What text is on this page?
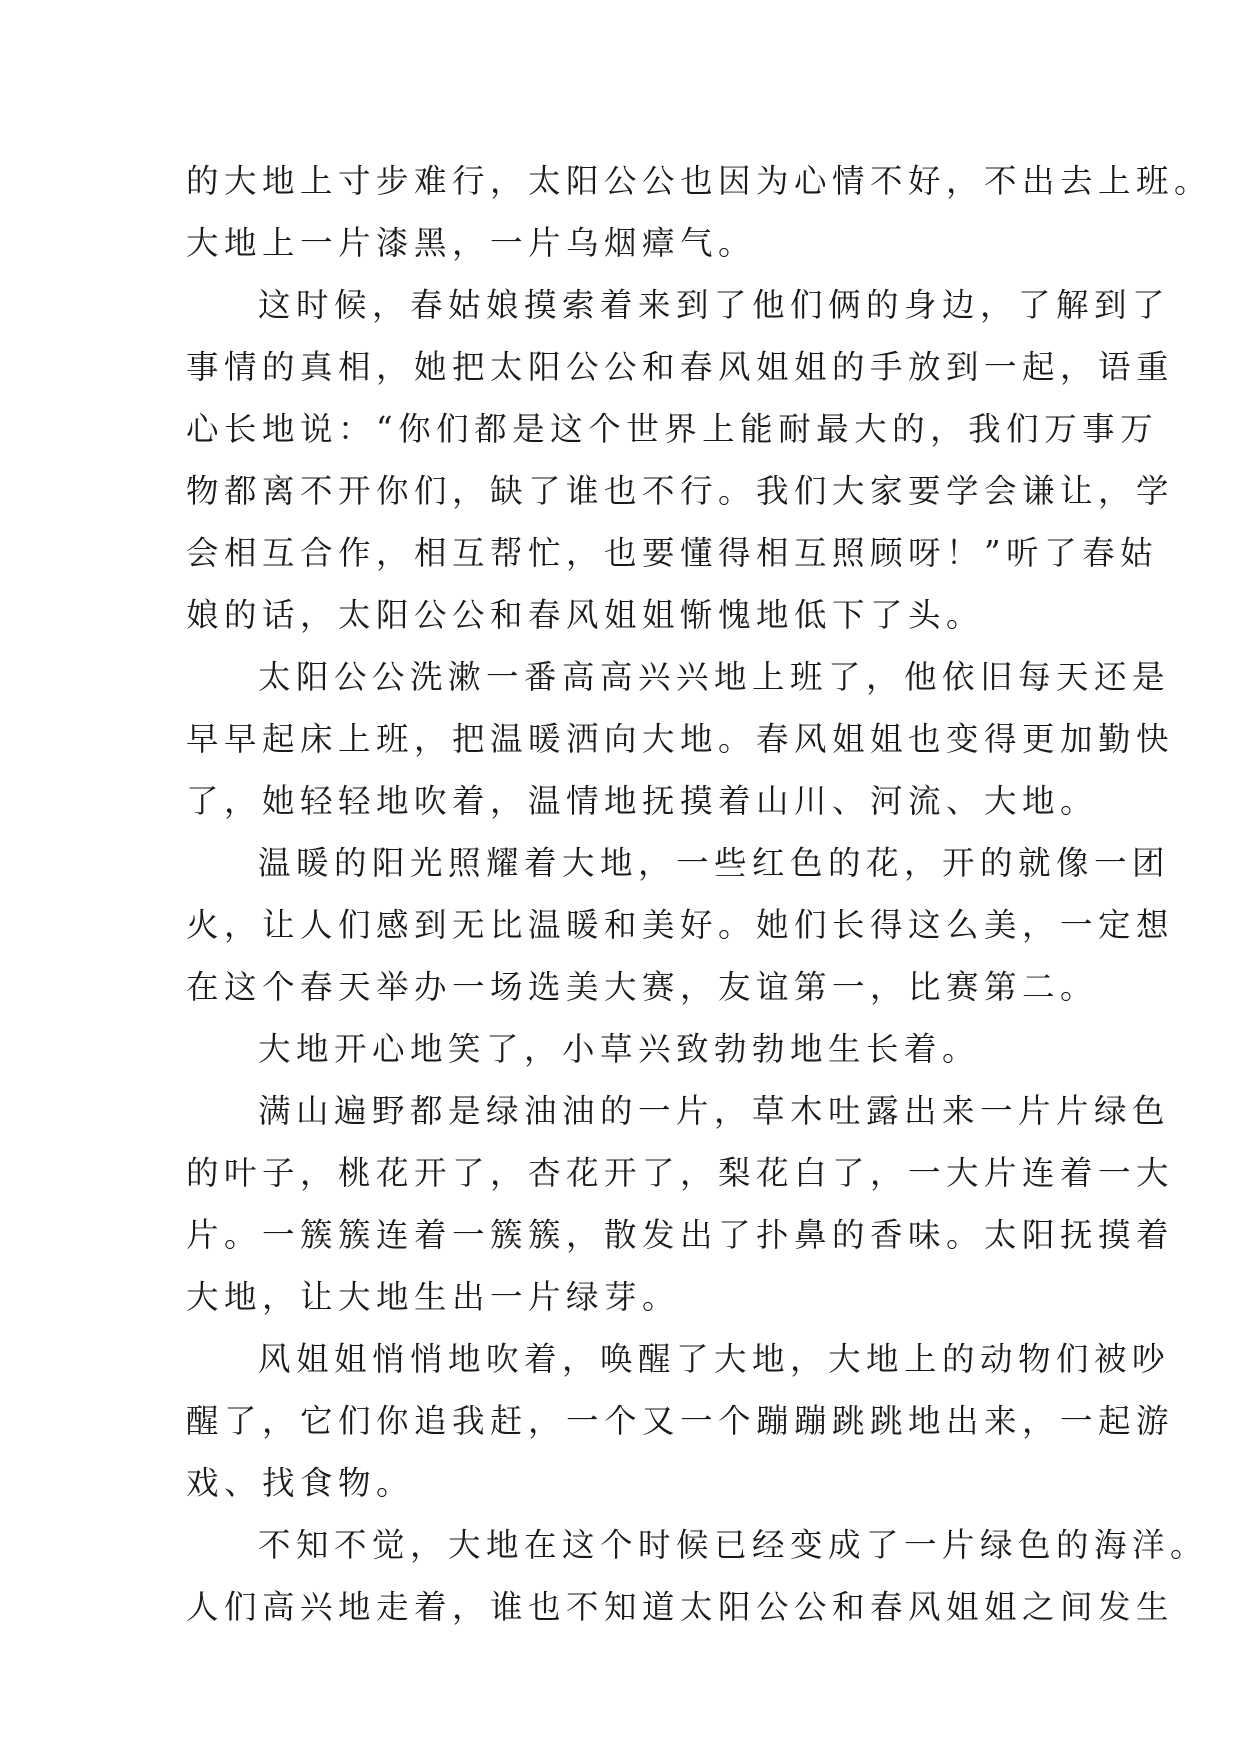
的大地上寸步难行，太阳公公也因为心情不好，不出去上班。
大地上一片漆黑，一片乌烟瘴气。
这时候，春姑娘摸索着来到了他们俩的身边，了解到了
事情的真相，她把太阳公公和春风姐姐的手放到一起，语重
心长地说：“你们都是这个世界上能耐最大的，我们万事万
物都离不开你们，缺了谁也不行。我们大家要学会谦让，学
会相互合作，相互帮忙，也要懂得相互照顾呀！”听了春姑
娘的话，太阳公公和春风姐姐惭愧地低下了头。
太阳公公洗漱一番高高兴兴地上班了，他依旧每天还是
早早起床上班，把温暖洒向大地。春风姐姐也变得更加勤快
了，她轻轻地吹着，温情地抚摸着山川、河流、大地。
温暖的阳光照耀着大地，一些红色的花，开的就像一团
火，让人们感到无比温暖和美好。她们长得这么美，一定想
在这个春天举办一场选美大赛，友谊第一，比赛第二。
大地开心地笑了，小草兴致勃勃地生长着。
满山遍野都是绿油油的一片，草木吐露出来一片片绿色
的叶子，桃花开了，杏花开了，梨花白了，一大片连着一大
片。一簇簇连着一簇簇，散发出了扑鼻的香味。太阳抚摸着
大地，让大地生出一片绿芽。
风姐姐悄悄地吹着，唤醒了大地，大地上的动物们被吵
醒了，它们你追我赶，一个又一个蹦蹦跳跳地出来，一起游
戏、找食物。
不知不觉，大地在这个时候已经变成了一片绿色的海洋。
人们高兴地走着，谁也不知道太阳公公和春风姐姐之间发生
